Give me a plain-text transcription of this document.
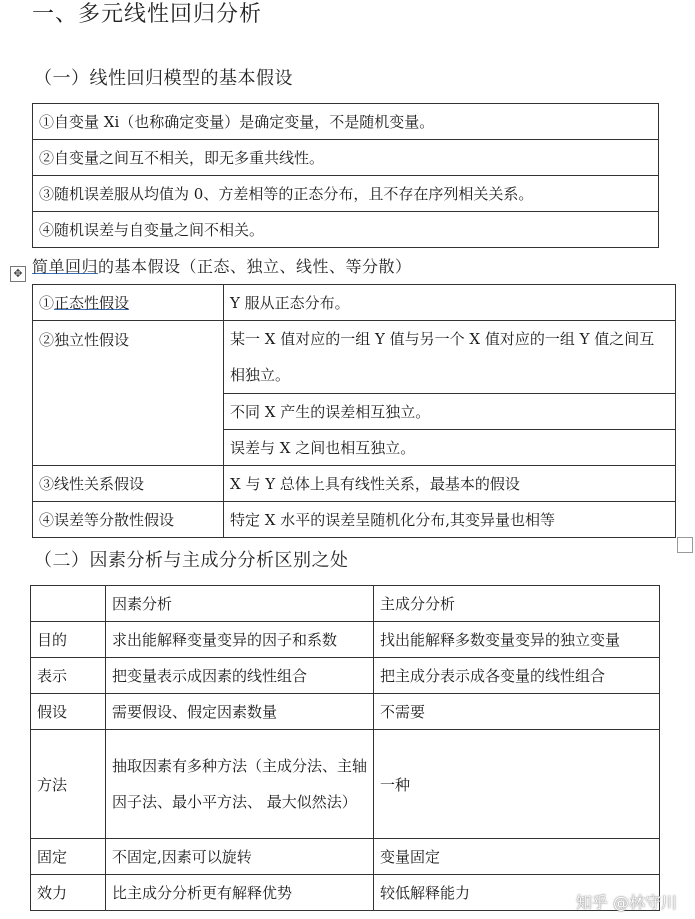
一、多元线性回归分析
（一）线性回归模型的基本假设
①自变量 Xi（也称确定变量）是确定变量，不是随机变量。
②自变量之间互不相关，即无多重共线性。
③随机误差服从均值为 0、方差相等的正态分布，且不存在序列相关关系。
④随机误差与自变量之间不相关。
✥ 简单回归的基本假设（正态、独立、线性、等分散）
①正态性假设	Y 服从正态分布。
②独立性假设	某一 X 值对应的一组 Y 值与另一个 X 值对应的一组 Y 值之间互相独立。
	不同 X 产生的误差相互独立。
	误差与 X 之间也相互独立。
③线性关系假设	X 与 Y 总体上具有线性关系，最基本的假设
④误差等分散性假设	特定 X 水平的误差呈随机化分布,其变异量也相等
（二）因素分析与主成分分析区别之处
	因素分析	主成分分析
目的	求出能解释变量变异的因子和系数	找出能解释多数变量变异的独立变量
表示	把变量表示成因素的线性组合	把主成分表示成各变量的线性组合
假设	需要假设、假定因素数量	不需要
方法	抽取因素有多种方法（主成分法、主轴因子法、最小平方法、 最大似然法）	一种
固定	不固定,因素可以旋转	变量固定
效力	比主成分分析更有解释优势	较低解释能力	知乎 @林守川
